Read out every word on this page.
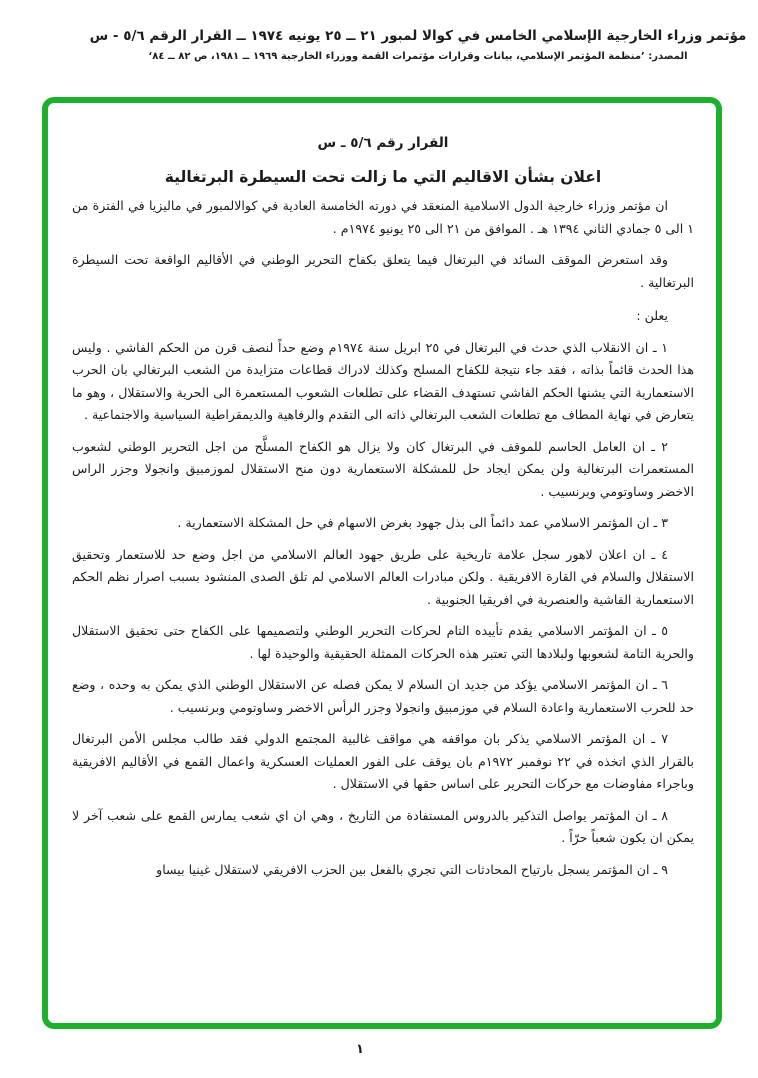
مؤتمر وزراء الخارجية الإسلامي الخامس في كوالا لمبور ٢١ ــ ٢٥ يونيه ١٩٧٤ ــ القرار الرقم ٥/٦ - س
المصدر: ’منظمة المؤتمر الإسلامي، بيانات وقرارات مؤتمرات القمة ووزراء الخارجية ١٩٦٩ ــ ١٩٨١، ص ٨٢ ــ ٨٤‘
القرار رقم ٥/٦ ـ س
اعلان بشأن الاقاليم التي ما زالت تحت السيطرة البرتغالية

ان مؤتمر وزراء خارجية الدول الاسلامية المنعقد في دورته الخامسة العادية في كوالالمبور في ماليزيا في الفترة من ١ الى ٥ جمادي الثاني ١٣٩٤ هـ . الموافق من ٢١ الى ٢٥ يونيو ١٩٧٤م .

وقد استعرض الموقف السائد في البرتغال فيما يتعلق بكفاح التحرير الوطني في الأقاليم الواقعة تحت السيطرة البرتغالية .

يعلن :

١ ـ ان الانقلاب الذي حدث في البرتغال في ٢٥ ابريل سنة ١٩٧٤م وضع حداً لنصف قرن من الحكم الفاشي . وليس هذا الحدث قائماً بذاته ، فقد جاء نتيجة للكفاح المسلح وكذلك لادراك قطاعات متزايدة من الشعب البرتغالي بان الحرب الاستعمارية التي يشنها الحكم الفاشي تستهدف القضاء على تطلعات الشعوب المستعمرة الى الحرية والاستقلال ، وهو ما يتعارض في نهاية المطاف مع تطلعات الشعب البرتغالي ذاته الى التقدم والرفاهية والديمقراطية السياسية والاجتماعية .

٢ ـ ان العامل الحاسم للموقف في البرتغال كان ولا يزال هو الكفاح المسلَّح من اجل التحرير الوطني لشعوب المستعمرات البرتغالية ولن يمكن ايجاد حل للمشكلة الاستعمارية دون منح الاستقلال لموزمبيق وانجولا وجزر الراس الاخضر وساوتومي وبرنسيب .

٣ ـ ان المؤتمر الاسلامي عمد دائماً الى بذل جهود بغرض الاسهام في حل المشكلة الاستعمارية .

٤ ـ ان اعلان لاهور سجل علامة تاريخية على طريق جهود العالم الاسلامي من اجل وضع حد للاستعمار وتحقيق الاستقلال والسلام في القارة الافريقية . ولكن مبادرات العالم الاسلامي لم تلق الصدى المنشود بسبب اصرار نظم الحكم الاستعمارية الفاشية والعنصرية في افريقيا الجنوبية .

٥ ـ ان المؤتمر الاسلامي يقدم تأييده التام لحركات التحرير الوطني ولتصميمها على الكفاح حتى تحقيق الاستقلال والحرية التامة لشعوبها ولبلادها التي تعتبر هذه الحركات الممثلة الحقيقية والوحيدة لها .

٦ ـ ان المؤتمر الاسلامي يؤكد من جديد ان السلام لا يمكن فصله عن الاستقلال الوطني الذي يمكن به وحده ، وضع حد للحرب الاستعمارية واعادة السلام في موزمبيق وانجولا وجزر الرأس الاخضر وساوتومي وبرنسيب .

٧ ـ ان المؤتمر الاسلامي يذكر بان مواقفه هي مواقف غالبية المجتمع الدولي فقد طالب مجلس الأمن البرتغال بالقرار الذي اتخذه في ٢٢ نوفمبر ١٩٧٢م بان يوقف على الفور العمليات العسكرية واعمال القمع في الأقاليم الافريقية وباجراء مفاوضات مع حركات التحرير على اساس حقها في الاستقلال .

٨ ـ ان المؤتمر يواصل التذكير بالدروس المستفادة من التاريخ ، وهي ان اي شعب يمارس القمع على شعب آخر لا يمكن ان يكون شعباً حرّاً .

٩ ـ ان المؤتمر يسجل بارتياح المحادثات التي تجري بالفعل بين الحزب الافريقي لاستقلال غينيا بيساو

١
